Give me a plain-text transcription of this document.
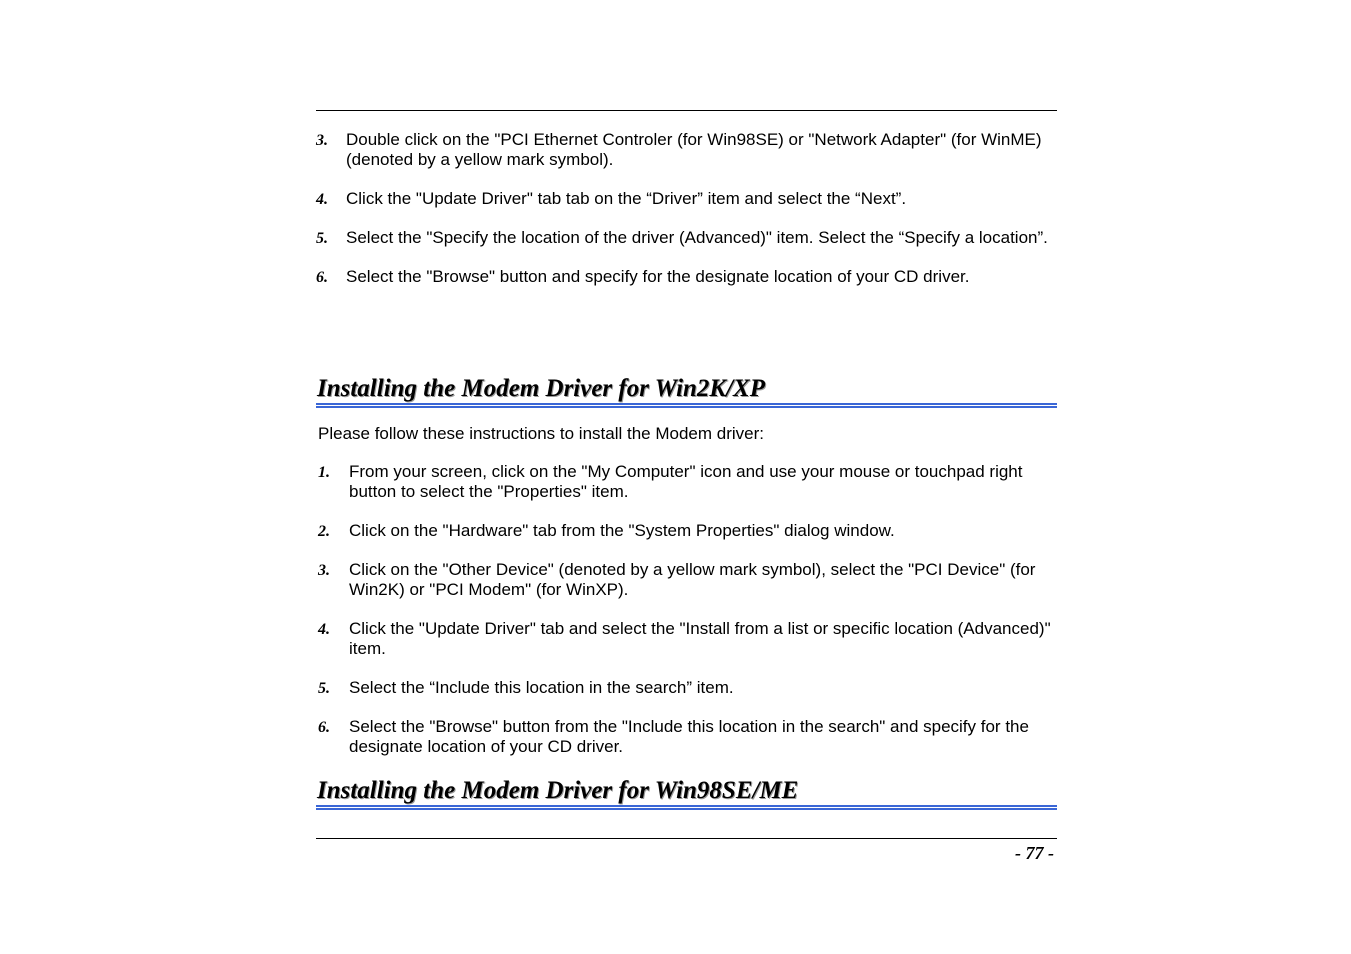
3. Double click on the "PCI Ethernet Controler (for Win98SE) or "Network Adapter" (for WinME) (denoted by a yellow mark symbol).
4. Click the "Update Driver" tab tab on the “Driver” item and select the “Next”.
5. Select the "Specify the location of the driver (Advanced)" item. Select the “Specify a location”.
6. Select the "Browse" button and specify for the designate location of your CD driver.
Installing the Modem Driver for Win2K/XP
Please follow these instructions to install the Modem driver:
1. From your screen, click on the "My Computer" icon and use your mouse or touchpad right button to select the "Properties" item.
2. Click on the "Hardware" tab from the "System Properties" dialog window.
3. Click on the "Other Device" (denoted by a yellow mark symbol), select the "PCI Device" (for Win2K) or "PCI Modem" (for WinXP).
4. Click the "Update Driver" tab and select the "Install from a list or specific location (Advanced)" item.
5. Select the “Include this location in the search” item.
6. Select the "Browse" button from the "Include this location in the search" and specify for the designate location of your CD driver.
Installing the Modem Driver for Win98SE/ME
- 77 -
